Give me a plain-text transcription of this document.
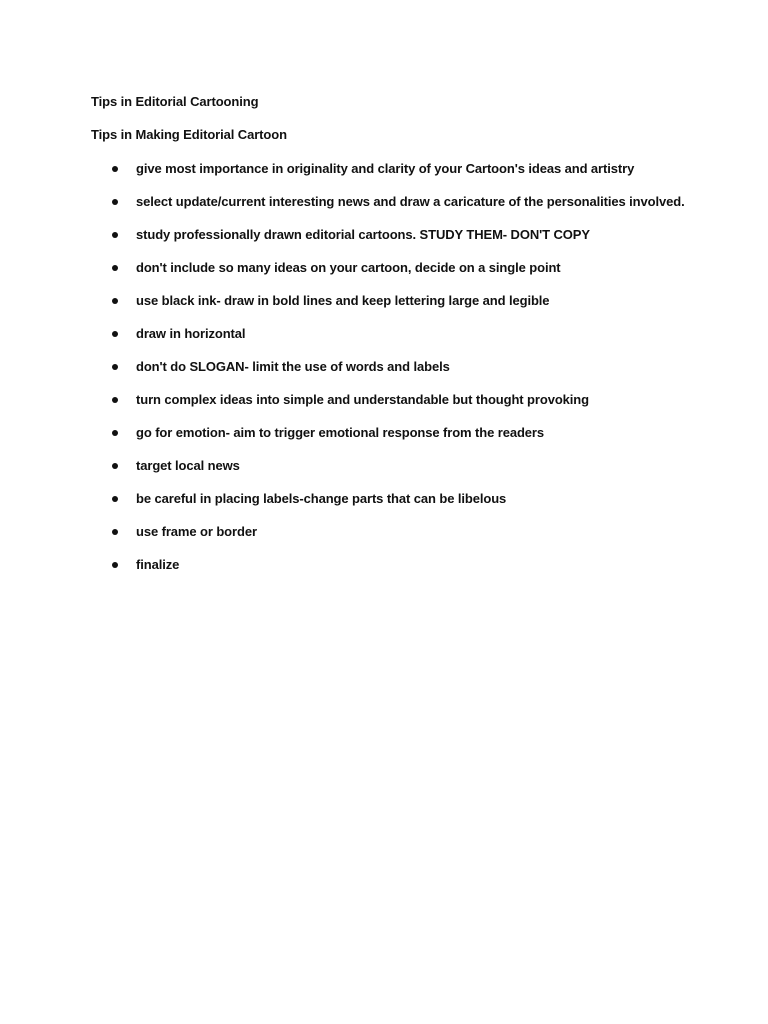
Tips in Editorial Cartooning
Tips in Making Editorial Cartoon
give most importance in originality and clarity of your Cartoon's ideas and artistry
select update/current interesting news and draw a caricature of the personalities involved.
study professionally drawn editorial cartoons. STUDY THEM- DON'T COPY
don't include so many ideas on your cartoon, decide on a single point
use black ink- draw in bold lines and keep lettering large and legible
draw in horizontal
don't do SLOGAN- limit the use of words and labels
turn complex ideas into simple and understandable but thought provoking
go for emotion- aim to trigger emotional response from the readers
target local news
be careful in placing labels-change parts that can be libelous
use frame or border
finalize
